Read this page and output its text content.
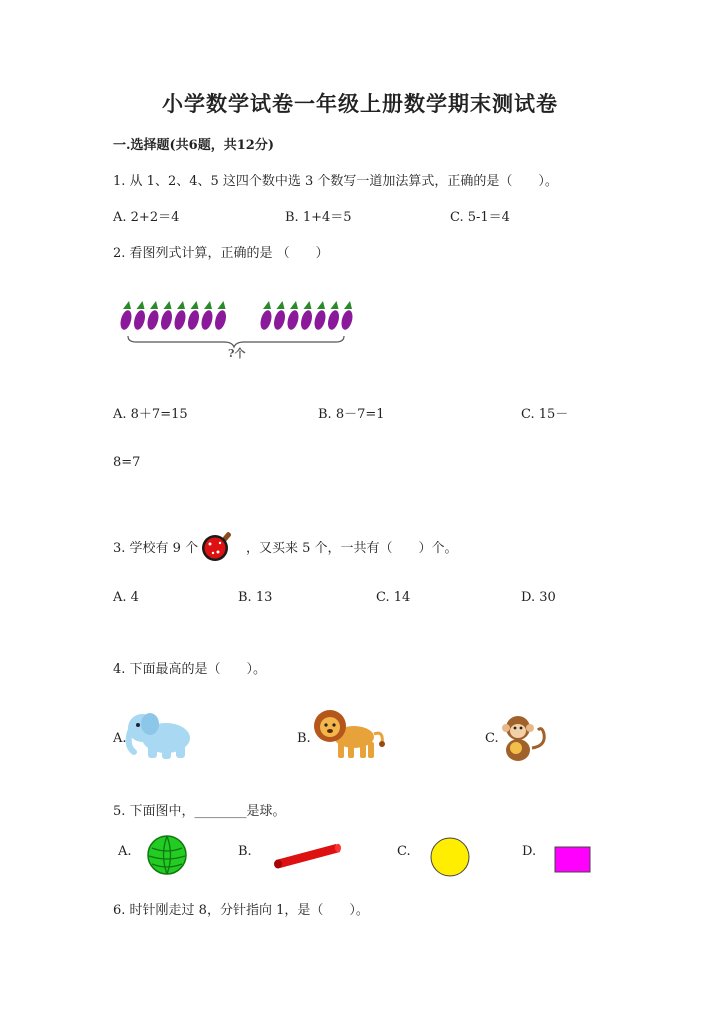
小学数学试卷一年级上册数学期末测试卷
一.选择题(共6题，共12分)
1. 从 1、2、4、5 这四个数中选 3 个数写一道加法算式，正确的是（　　）。
A. 2+2＝4	B. 1+4＝5	C. 5-1＝4
2. 看图列式计算，正确的是 （　　）
?个
A. 8＋7=15	B. 8－7=1	C. 15－
8=7
3. 学校有 9 个	，又买来 5 个，一共有（　　）个。
A. 4	B. 13	C. 14	D. 30
4. 下面最高的是（　　）。
A.	B.	C.
5. 下面图中，________是球。
A.	B.	C.	D.
6. 时针刚走过 8，分针指向 1，是（　　）。
